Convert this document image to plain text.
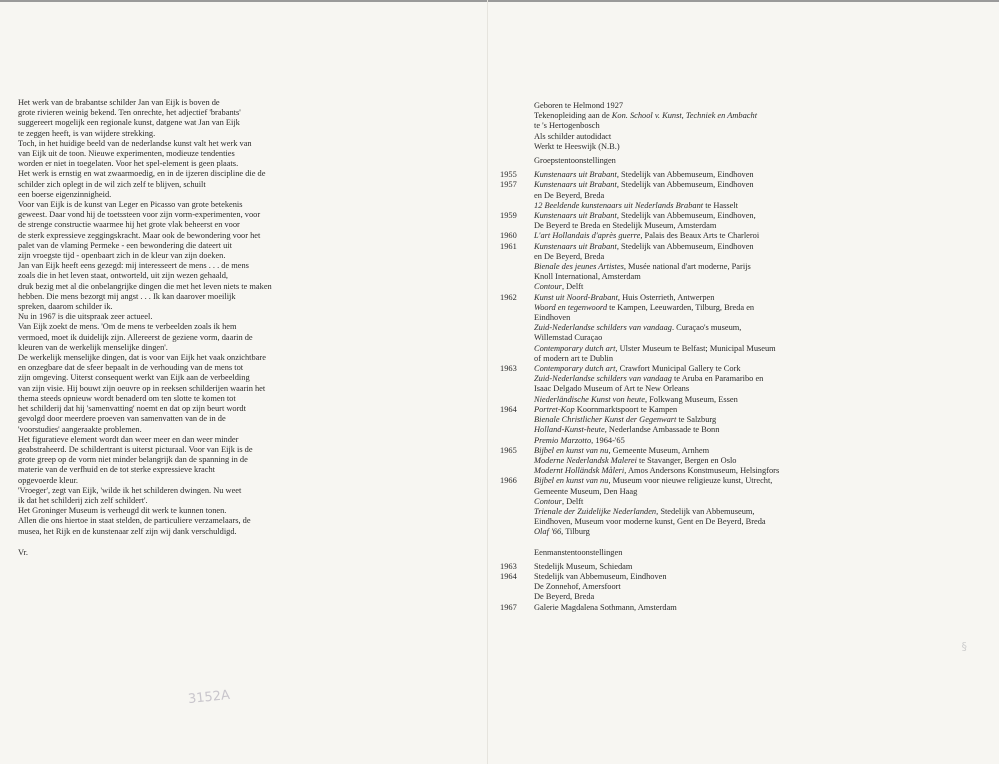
Het werk van de brabantse schilder Jan van Eijk is boven de
grote rivieren weinig bekend. Ten onrechte, het adjectief 'brabants'
suggereert mogelijk een regionale kunst, datgene wat Jan van Eijk
te zeggen heeft, is van wijdere strekking.
Toch, in het huidige beeld van de nederlandse kunst valt het werk van
van Eijk uit de toon. Nieuwe experimenten, modieuze tendenties
worden er niet in toegelaten. Voor het spel-element is geen plaats.
Het werk is ernstig en wat zwaarmoedig, en in de ijzeren discipline die de
schilder zich oplegt in de wil zich zelf te blijven, schuilt
een boerse eigenzinnigheid.
Voor van Eijk is de kunst van Leger en Picasso van grote betekenis
geweest. Daar vond hij de toetssteen voor zijn vorm-experimenten, voor
de strenge constructie waarmee hij het grote vlak beheerst en voor
de sterk expressieve zeggingskracht. Maar ook de bewondering voor het
palet van de vlaming Permeke - een bewondering die dateert uit
zijn vroegste tijd - openbaart zich in de kleur van zijn doeken.
Jan van Eijk heeft eens gezegd: mij interesseert de mens . . . de mens
zoals die in het leven staat, ontworteld, uit zijn wezen gehaald,
druk bezig met al die onbelangrijke dingen die met het leven niets te maken
hebben. Die mens bezorgt mij angst . . . Ik kan daarover moeilijk
spreken, daarom schilder ik.
Nu in 1967 is die uitspraak zeer actueel.
Van Eijk zoekt de mens. 'Om de mens te verbeelden zoals ik hem
vermoed, moet ik duidelijk zijn. Allereerst de geziene vorm, daarin de
kleuren van de werkelijk menselijke dingen'.
De werkelijk menselijke dingen, dat is voor van Eijk het vaak onzichtbare
en onzegbare dat de sfeer bepaalt in de verhouding van de mens tot
zijn omgeving. Uiterst consequent werkt van Eijk aan de verbeelding
van zijn visie. Hij bouwt zijn oeuvre op in reeksen schilderijen waarin het
thema steeds opnieuw wordt benaderd om ten slotte te komen tot
het schilderij dat hij 'samenvatting' noemt en dat op zijn beurt wordt
gevolgd door meerdere proeven van samenvatten van de in de
'voorstudies' aangeraakte problemen.
Het figuratieve element wordt dan weer meer en dan weer minder
geabstraheerd. De schildertrant is uiterst picturaal. Voor van Eijk is de
grote greep op de vorm niet minder belangrijk dan de spanning in de
materie van de verfhuid en de tot sterke expressieve kracht
opgevoerde kleur.
'Vroeger', zegt van Eijk, 'wilde ik het schilderen dwingen. Nu weet
ik dat het schilderij zich zelf schildert'.
Het Groninger Museum is verheugd dit werk te kunnen tonen.
Allen die ons hiertoe in staat stelden, de particuliere verzamelaars, de
musea, het Rijk en de kunstenaar zelf zijn wij dank verschuldigd.
Vr.
3152A
Geboren te Helmond 1927
Tekenopleiding aan de Kon. School v. Kunst, Techniek en Ambacht
te 's Hertogenbosch
Als schilder autodidact
Werkt te Heeswijk (N.B.)
Groepstentoonstellingen
1955	Kunstenaars uit Brabant, Stedelijk van Abbemuseum, Eindhoven
1957	Kunstenaars uit Brabant, Stedelijk van Abbemuseum, Eindhoven
en De Beyerd, Breda
12 Beeldende kunstenaars uit Nederlands Brabant te Hasselt
1959	Kunstenaars uit Brabant, Stedelijk van Abbemuseum, Eindhoven,
De Beyerd te Breda en Stedelijk Museum, Amsterdam
1960	L'art Hollandais d'après guerre, Palais des Beaux Arts te Charleroi
1961	Kunstenaars uit Brabant, Stedelijk van Abbemuseum, Eindhoven
en De Beyerd, Breda
Bienale des jeunes Artistes, Musée national d'art moderne, Parijs
Knoll International, Amsterdam
Contour, Delft
1962	Kunst uit Noord-Brabant, Huis Osterrieth, Antwerpen
Woord en tegenwoord te Kampen, Leeuwarden, Tilburg, Breda en
Eindhoven
Zuid-Nederlandse schilders van vandaag. Curaçao's museum,
Willemstad Curaçao
Contemporary dutch art, Ulster Museum te Belfast; Municipal Museum
of modern art te Dublin
1963	Contemporary dutch art, Crawfort Municipal Gallery te Cork
Zuid-Nederlandse schilders van vandaag te Aruba en Paramaribo en
Isaac Delgado Museum of Art te New Orleans
Niederländische Kunst von heute, Folkwang Museum, Essen
1964	Portret-Kop Koornmarktspoort te Kampen
Bienale Christlicher Kunst der Gegenwart te Salzburg
Holland-Kunst-heute, Nederlandse Ambassade te Bonn
Premio Marzotto, 1964-'65
1965	Bijbel en kunst van nu, Gemeente Museum, Arnhem
Moderne Nederlandsk Malerei te Stavanger, Bergen en Oslo
Modernt Holländsk Måleri, Amos Andersons Konstmuseum, Helsingfors
1966	Bijbel en kunst van nu, Museum voor nieuwe religieuze kunst, Utrecht,
Gemeente Museum, Den Haag
Contour, Delft
Trienale der Zuidelijke Nederlanden, Stedelijk van Abbemuseum,
Eindhoven, Museum voor moderne kunst, Gent en De Beyerd, Breda
Olaf '66, Tilburg
Eenmanstentoonstellingen
1963	Stedelijk Museum, Schiedam
1964	Stedelijk van Abbemuseum, Eindhoven
De Zonnehof, Amersfoort
De Beyerd, Breda
1967	Galerie Magdalena Sothmann, Amsterdam
§
